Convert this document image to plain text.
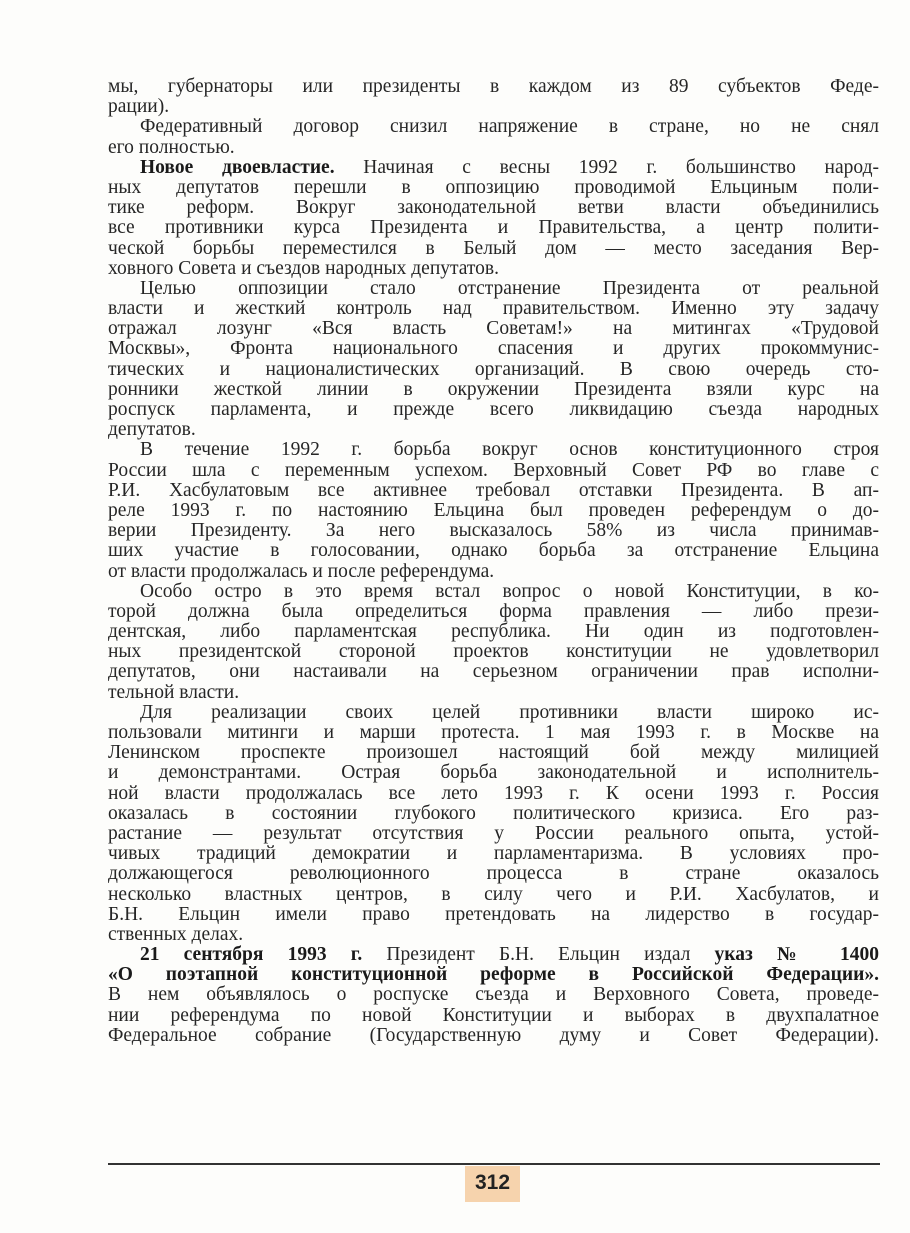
мы, губернаторы или президенты в каждом из 89 субъектов Феде-
рации).
Федеративный договор снизил напряжение в стране, но не снял
его полностью.
Новое двоевластие. Начиная с весны 1992 г. большинство народ-
ных депутатов перешли в оппозицию проводимой Ельциным поли-
тике реформ. Вокруг законодательной ветви власти объединились
все противники курса Президента и Правительства, а центр полити-
ческой борьбы переместился в Белый дом — место заседания Вер-
ховного Совета и съездов народных депутатов.
Целью оппозиции стало отстранение Президента от реальной
власти и жесткий контроль над правительством. Именно эту задачу
отражал лозунг «Вся власть Советам!» на митингах «Трудовой
Москвы», Фронта национального спасения и других прокоммунис-
тических и националистических организаций. В свою очередь сто-
ронники жесткой линии в окружении Президента взяли курс на
роспуск парламента, и прежде всего ликвидацию съезда народных
депутатов.
В течение 1992 г. борьба вокруг основ конституционного строя
России шла с переменным успехом. Верховный Совет РФ во главе с
Р.И. Хасбулатовым все активнее требовал отставки Президента. В ап-
реле 1993 г. по настоянию Ельцина был проведен референдум о до-
верии Президенту. За него высказалось 58% из числа принимав-
ших участие в голосовании, однако борьба за отстранение Ельцина
от власти продолжалась и после референдума.
Особо остро в это время встал вопрос о новой Конституции, в ко-
торой должна была определиться форма правления — либо прези-
дентская, либо парламентская республика. Ни один из подготовлен-
ных президентской стороной проектов конституции не удовлетворил
депутатов, они настаивали на серьезном ограничении прав исполни-
тельной власти.
Для реализации своих целей противники власти широко ис-
пользовали митинги и марши протеста. 1 мая 1993 г. в Москве на
Ленинском проспекте произошел настоящий бой между милицией
и демонстрантами. Острая борьба законодательной и исполнитель-
ной власти продолжалась все лето 1993 г. К осени 1993 г. Россия
оказалась в состоянии глубокого политического кризиса. Его раз-
растание — результат отсутствия у России реального опыта, устой-
чивых традиций демократии и парламентаризма. В условиях про-
должающегося революционного процесса в стране оказалось
несколько властных центров, в силу чего и Р.И. Хасбулатов, и
Б.Н. Ельцин имели право претендовать на лидерство в государ-
ственных делах.
21 сентября 1993 г. Президент Б.Н. Ельцин издал указ № 1400
«О поэтапной конституционной реформе в Российской Федерации».
В нем объявлялось о роспуске съезда и Верховного Совета, проведе-
нии референдума по новой Конституции и выборах в двухпалатное
Федеральное собрание (Государственную думу и Совет Федерации).
312
